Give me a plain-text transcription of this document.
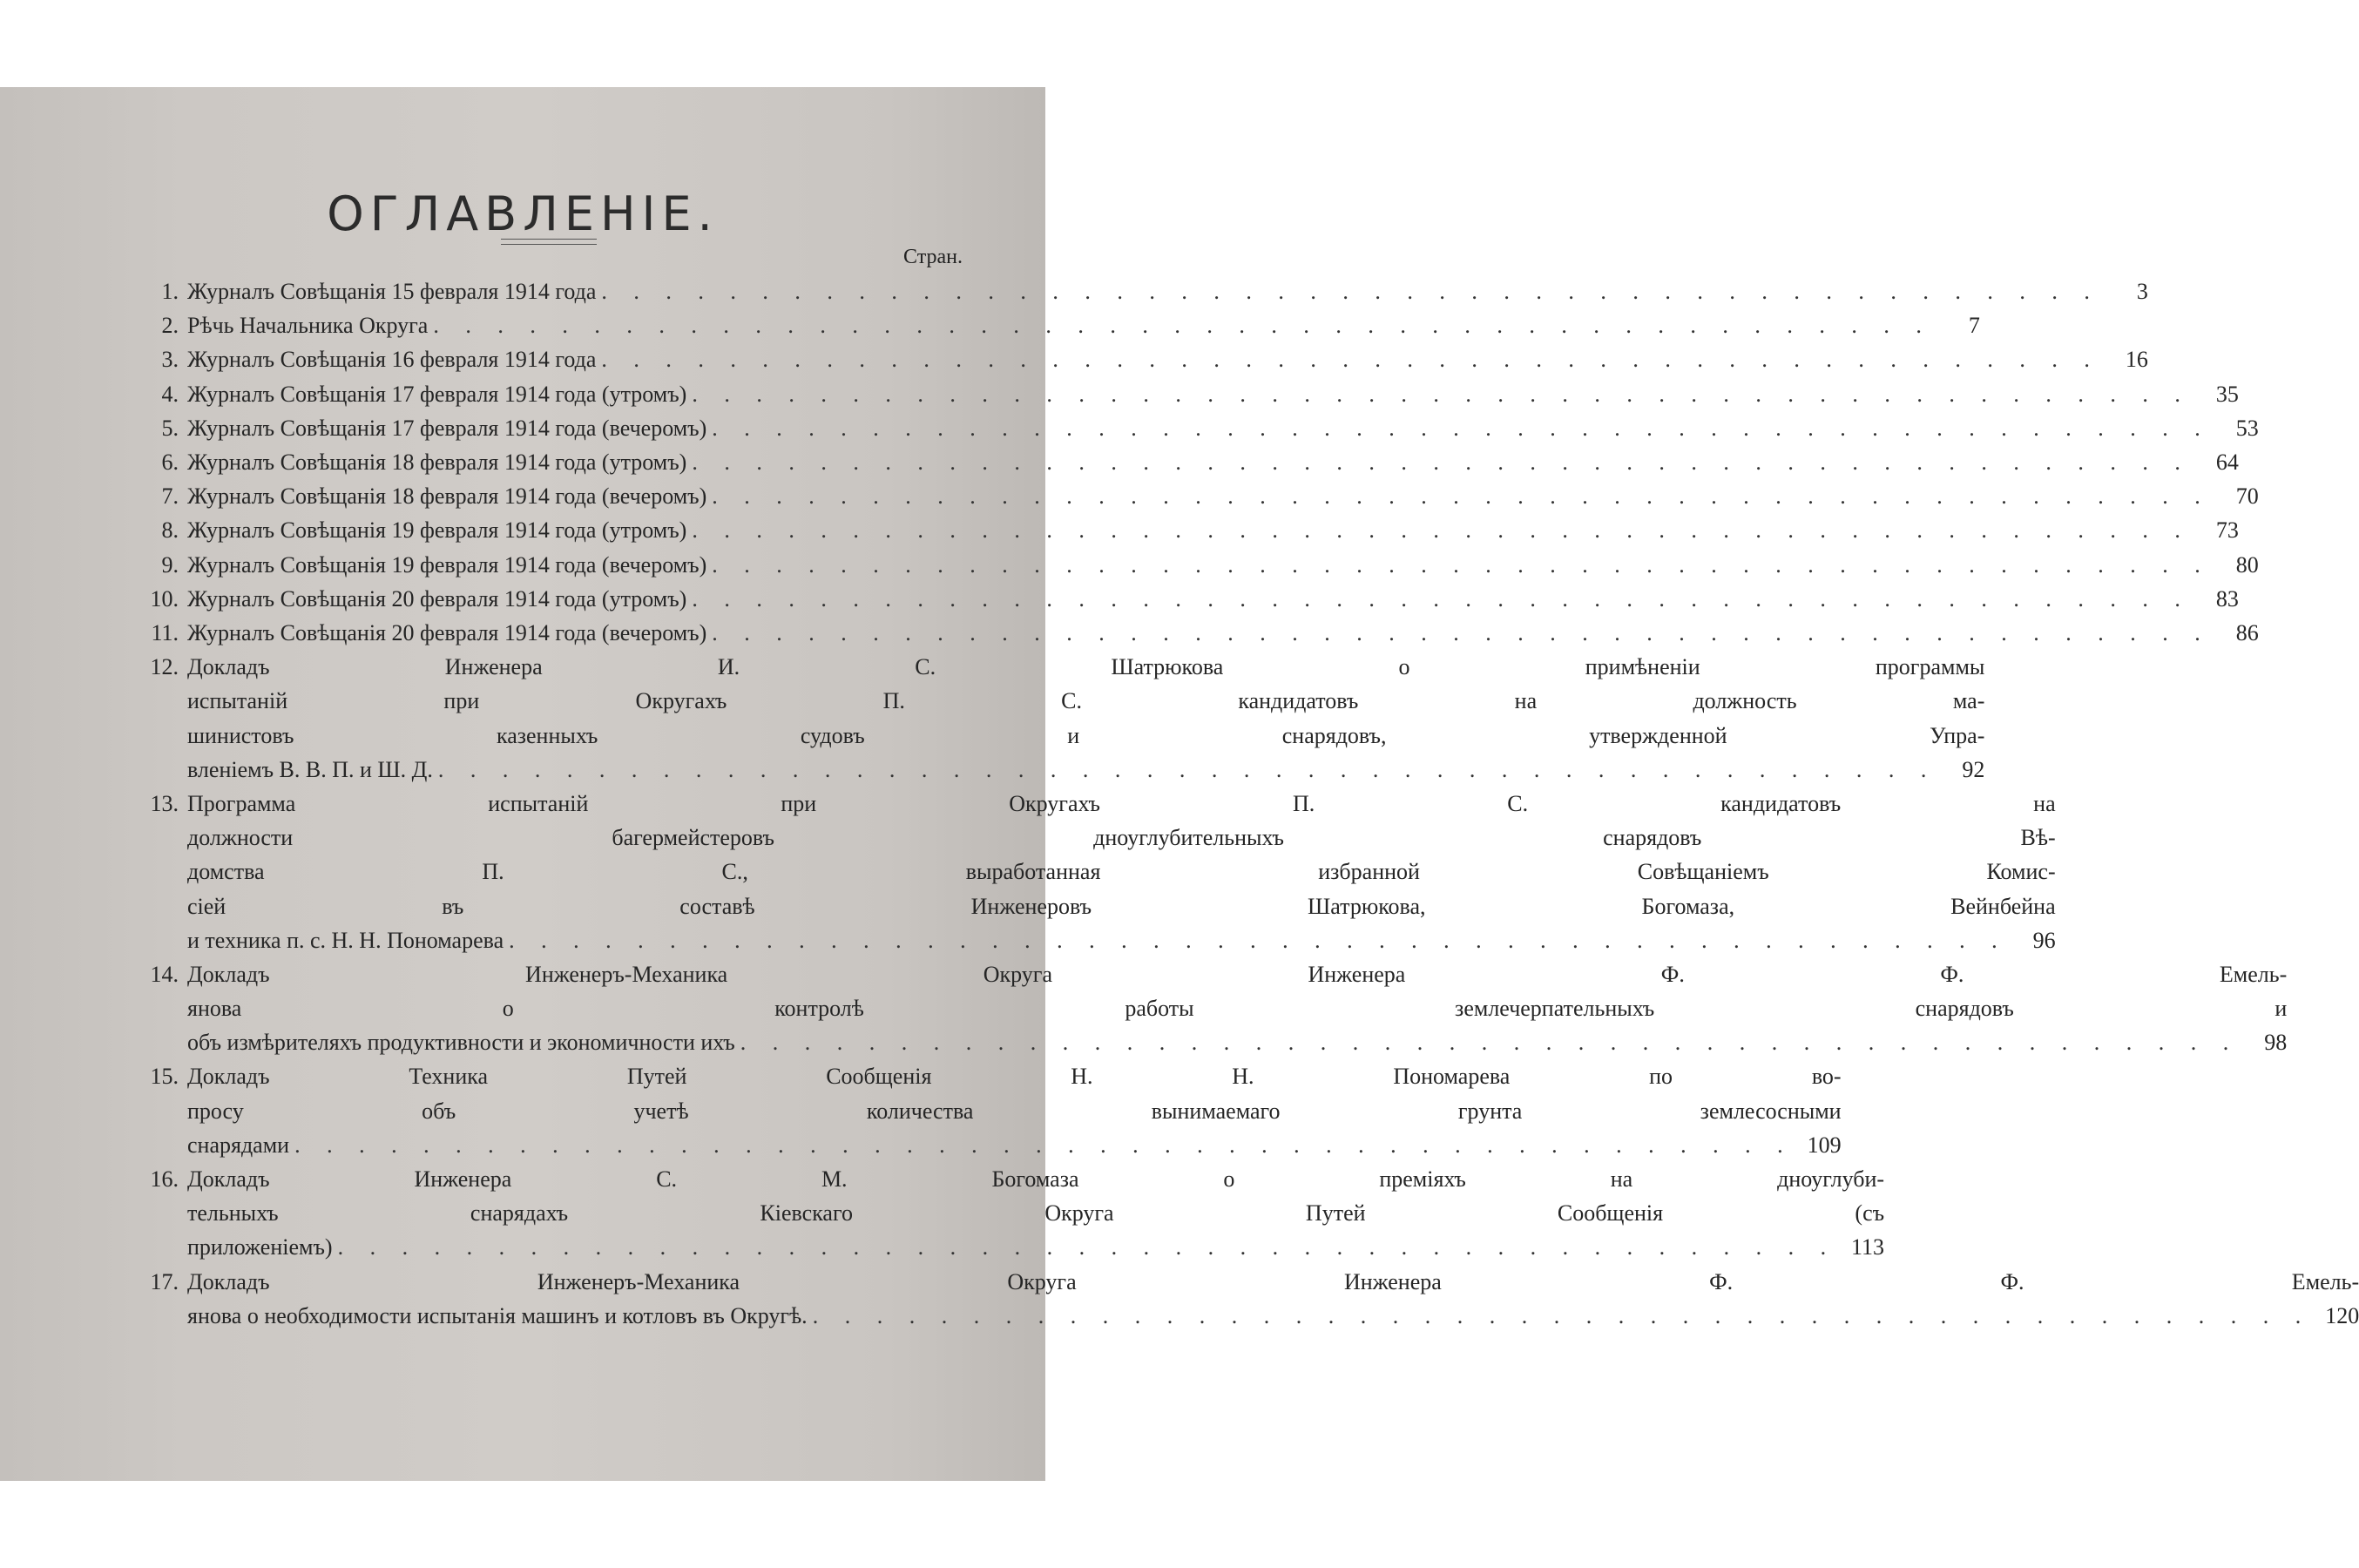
ОГЛАВЛЕНІЕ.
Стран.
1. Журналъ Совѣщанія 15 февраля 1914 года . . .	3
2. Рѣчь Начальника Округа . . .	7
3. Журналъ Совѣщанія 16 февраля 1914 года . . .	16
4. Журналъ Совѣщанія 17 февраля 1914 года (утромъ) . . .	35
5. Журналъ Совѣщанія 17 февраля 1914 года (вечеромъ) . . .	53
6. Журналъ Совѣщанія 18 февраля 1914 года (утромъ) . . .	64
7. Журналъ Совѣщанія 18 февраля 1914 года (вечеромъ) . . .	70
8. Журналъ Совѣщанія 19 февраля 1914 года (утромъ) . . .	73
9. Журналъ Совѣщанія 19 февраля 1914 года (вечеромъ) . . .	80
10. Журналъ Совѣщанія 20 февраля 1914 года (утромъ) . . .	83
11. Журналъ Совѣщанія 20 февраля 1914 года (вечеромъ) . . .	86
12. Докладъ Инженера И. С. Шатрюкова о примѣненіи программы
испытаній при Округахъ П. С. кандидатовъ на должность ма-
шинистовъ казенныхъ судовъ и снарядовъ, утвержденной Упра-
вленіемъ В. В. П. и Ш. Д. . . .	92
13. Программа испытаній при Округахъ П. С. кандидатовъ на
должности багермейстеровъ дноуглубительныхъ снарядовъ Вѣ-
домства П. С., выработанная избранной Совѣщаніемъ Комис-
сіей въ составѣ Инженеровъ Шатрюкова, Богомаза, Вейнбейна
и техника п. с. Н. Н. Пономарева . . .	96
14. Докладъ Инженеръ-Механика Округа Инженера Ф. Ф. Емель-
янова о контролѣ работы землечерпательныхъ снарядовъ и
объ измѣрителяхъ продуктивности и экономичности ихъ . . .	98
15. Докладъ Техника Путей Сообщенія Н. Н. Пономарева по во-
просу объ учетѣ количества вынимаемаго грунта землесосными
снарядами . . .	109
16. Докладъ Инженера С. М. Богомаза о преміяхъ на дноуглуби-
тельныхъ снарядахъ Кіевскаго Округа Путей Сообщенія (съ
приложеніемъ) . . .	113
17. Докладъ Инженеръ-Механика Округа Инженера Ф. Ф. Емель-
янова о необходимости испытанія машинъ и котловъ въ Округѣ. . . .	120
